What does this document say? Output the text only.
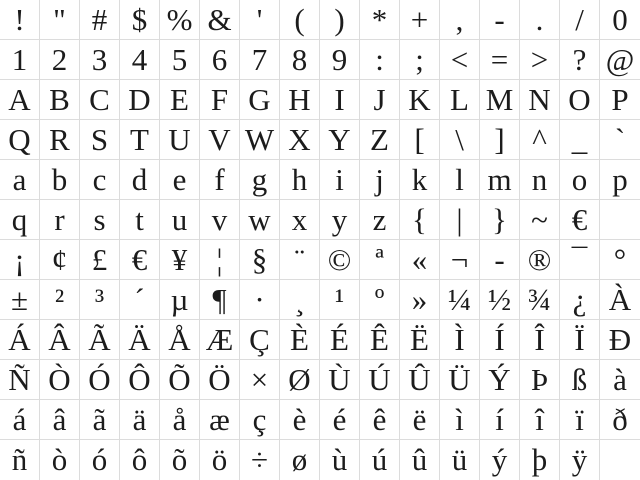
! " # $ % & '	( ) * + , - .	/ 0
1 2 3 4 5 6 7 8 9 :	; < = > ? @
A B C D E F G H I J K L M N O P
Q R S T U V W X Y Z [ \ ] ^ _ `
a b c d e f g h i	j k l m n o p
q r s t u v w x y z { | } ~ €
¡ ¢ £ € ¥ ¦ § ¨ © ª « ¬ - ® ¯ °
± ² ³ ´ µ ¶ · ¸ ¹ º » ¼ ½ ¾ ¿ À
Á Â Ã Ä Å Æ Ç È É Ê Ë Ì Í Î Ï Ð
Ñ Ò Ó Ô Õ Ö × Ø Ù Ú Û Ü Ý Þ ß à
á â ã ä å æ ç è é ê ë ì	í	î	ï ð
ñ ò ó ô õ ö ÷ ø ù ú û ü ý þ ÿ
